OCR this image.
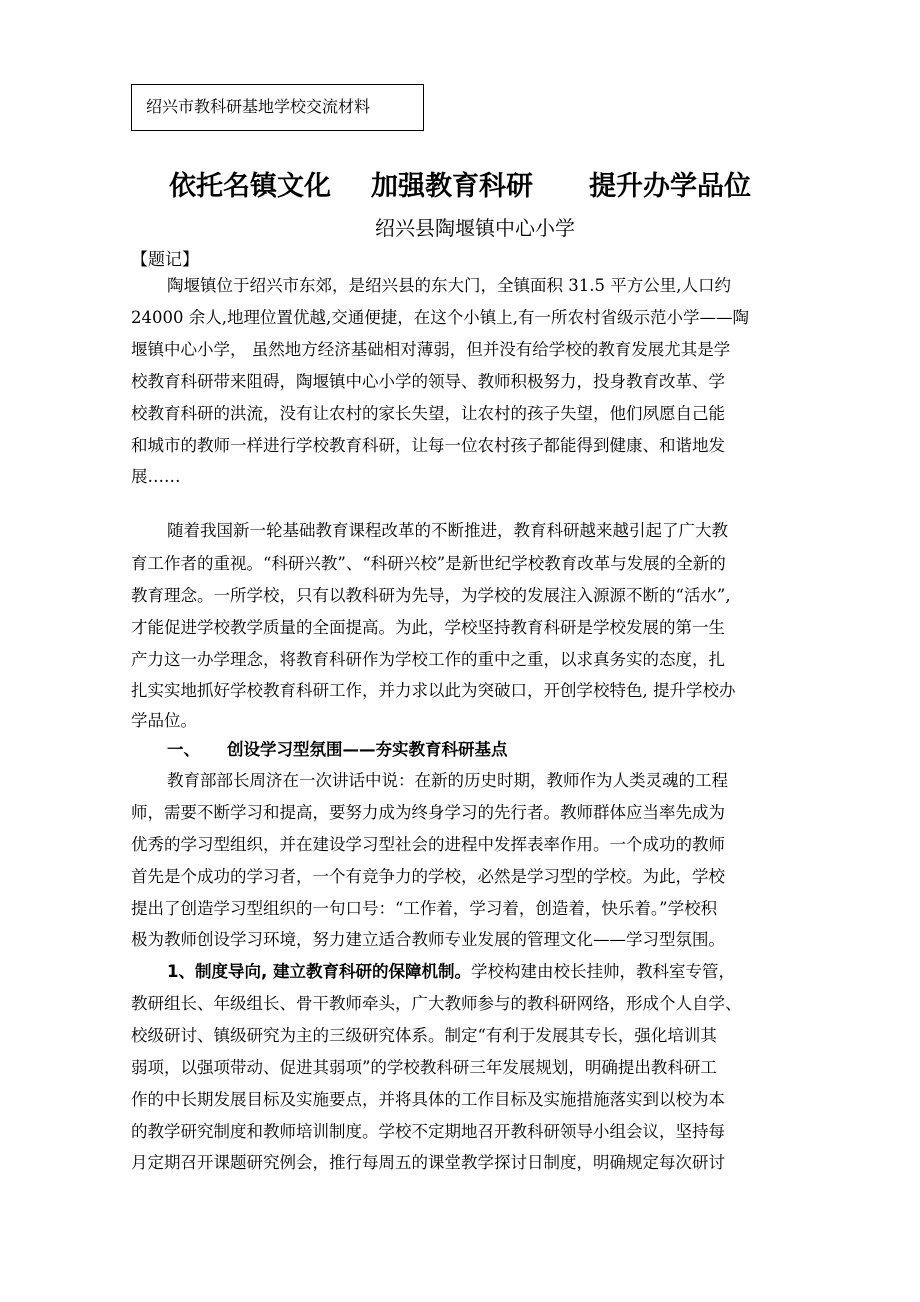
绍兴市教科研基地学校交流材料
依托名镇文化 加强教育科研 提升办学品位
绍兴县陶堰镇中心小学
【题记】
陶堰镇位于绍兴市东郊，是绍兴县的东大门，全镇面积 31.5 平方公里,人口约
24000 余人,地理位置优越,交通便捷，在这个小镇上,有一所农村省级示范小学——陶
堰镇中心小学， 虽然地方经济基础相对薄弱，但并没有给学校的教育发展尤其是学
校教育科研带来阻碍，陶堰镇中心小学的领导、教师积极努力，投身教育改革、学
校教育科研的洪流，没有让农村的家长失望，让农村的孩子失望，他们夙愿自己能
和城市的教师一样进行学校教育科研，让每一位农村孩子都能得到健康、和谐地发
展……
随着我国新一轮基础教育课程改革的不断推进，教育科研越来越引起了广大教
育工作者的重视。“科研兴教”、“科研兴校”是新世纪学校教育改革与发展的全新的
教育理念。一所学校，只有以教科研为先导，为学校的发展注入源源不断的“活水”,
才能促进学校教学质量的全面提高。为此，学校坚持教育科研是学校发展的第一生
产力这一办学理念，将教育科研作为学校工作的重中之重，以求真务实的态度，扎
扎实实地抓好学校教育科研工作，并力求以此为突破口，开创学校特色, 提升学校办
学品位。
一、 创设学习型氛围——夯实教育科研基点
教育部部长周济在一次讲话中说：在新的历史时期，教师作为人类灵魂的工程
师，需要不断学习和提高，要努力成为终身学习的先行者。教师群体应当率先成为
优秀的学习型组织，并在建设学习型社会的进程中发挥表率作用。一个成功的教师
首先是个成功的学习者，一个有竞争力的学校，必然是学习型的学校。为此，学校
提出了创造学习型组织的一句口号：“工作着，学习着，创造着，快乐着。”学校积
极为教师创设学习环境，努力建立适合教师专业发展的管理文化——学习型氛围。
1、制度导向, 建立教育科研的保障机制。学校构建由校长挂帅，教科室专管，
教研组长、年级组长、骨干教师牵头，广大教师参与的教科研网络，形成个人自学、
校级研讨、镇级研究为主的三级研究体系。制定“有利于发展其专长，强化培训其
弱项，以强项带动、促进其弱项”的学校教科研三年发展规划，明确提出教科研工
作的中长期发展目标及实施要点，并将具体的工作目标及实施措施落实到以校为本
的教学研究制度和教师培训制度。学校不定期地召开教科研领导小组会议，坚持每
月定期召开课题研究例会，推行每周五的课堂教学探讨日制度，明确规定每次研讨
